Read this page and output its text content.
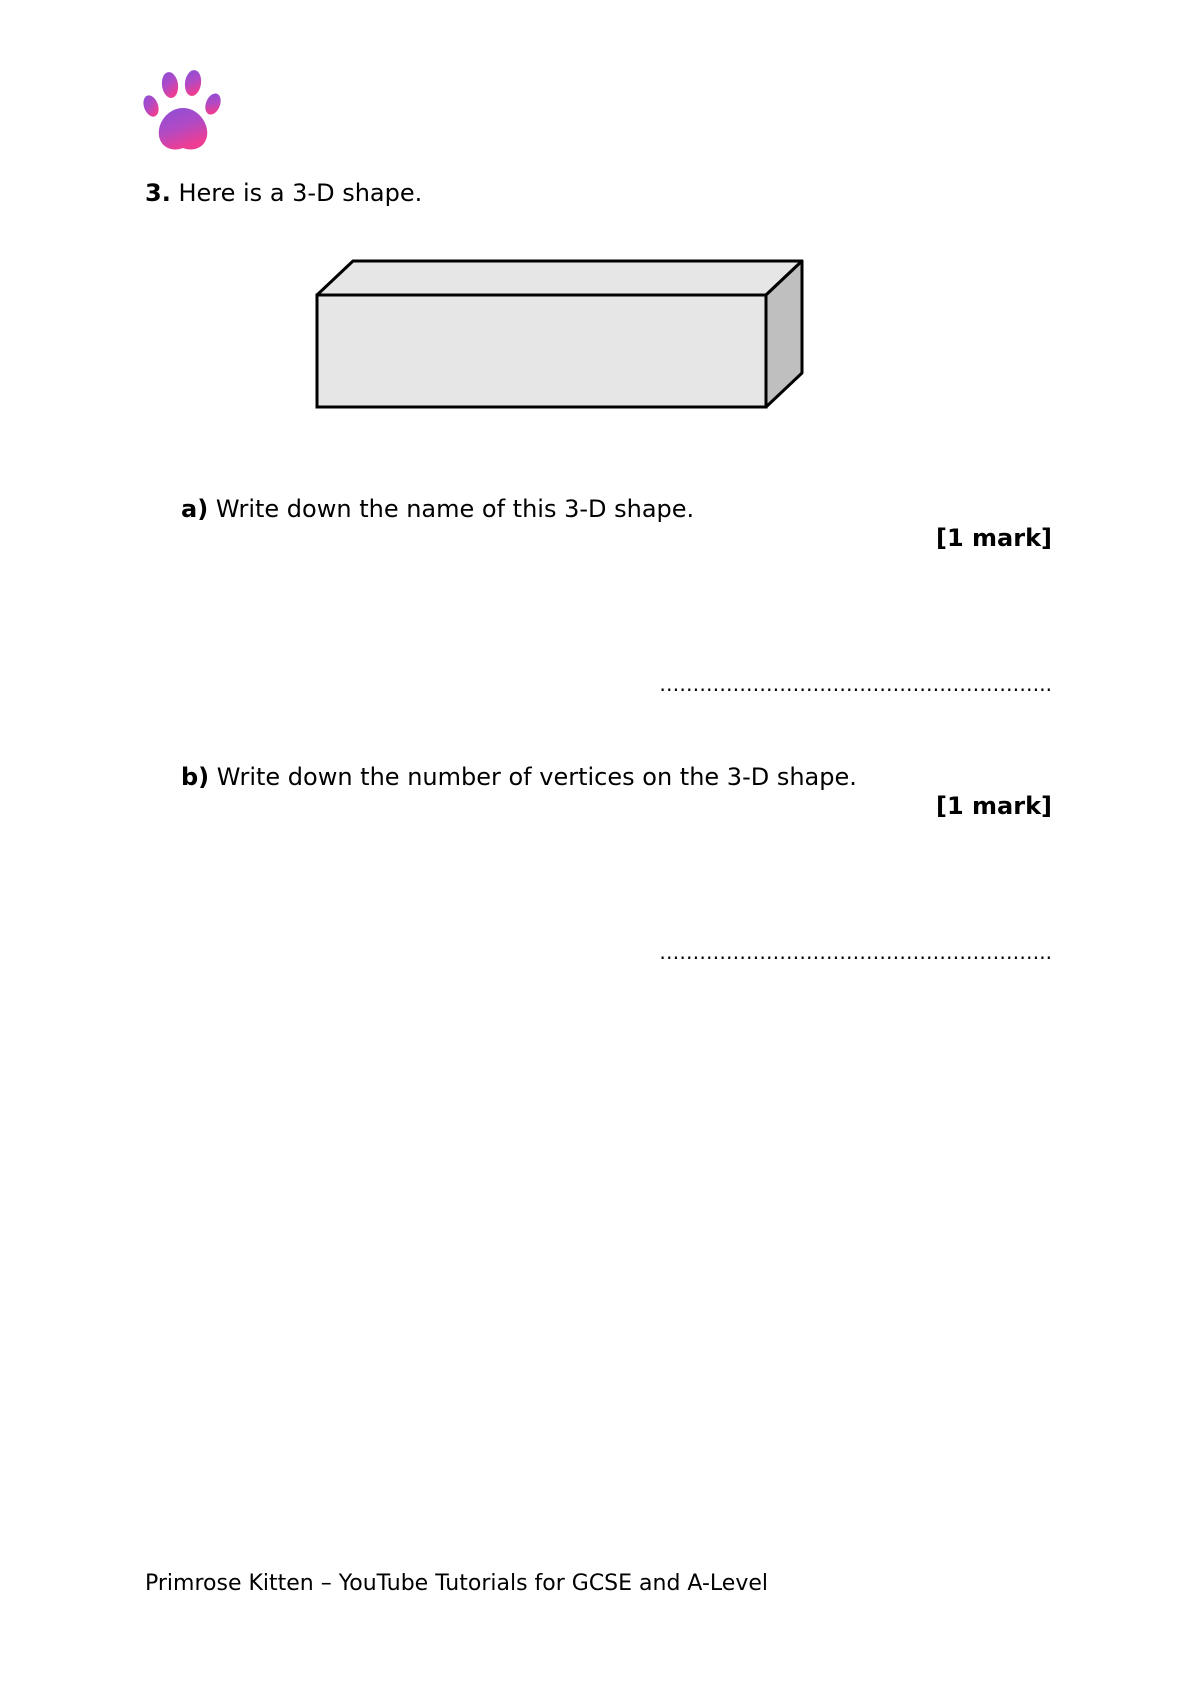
3. Here is a 3-D shape.
a) Write down the name of this 3-D shape.
[1 mark]
…………………………………………………..
b) Write down the number of vertices on the 3-D shape.
[1 mark]
…………………………………………………..
Primrose Kitten – YouTube Tutorials for GCSE and A-Level
